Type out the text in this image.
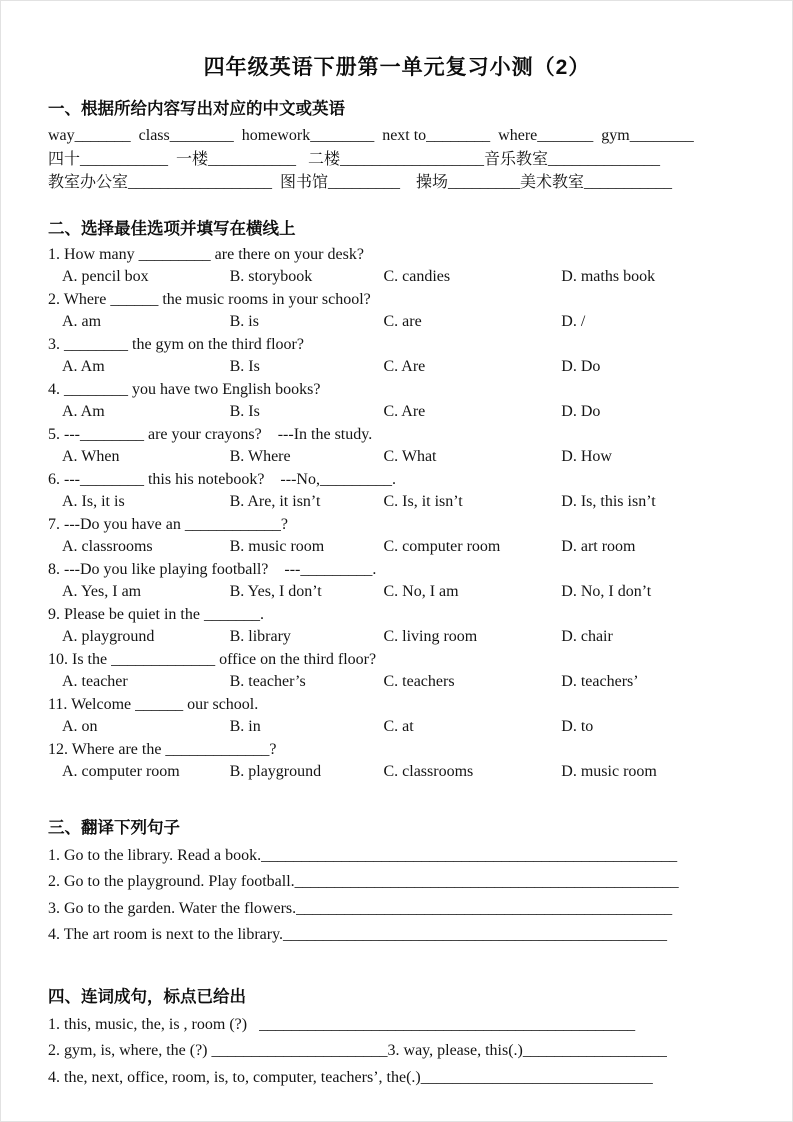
四年级英语下册第一单元复习小测（2）
一、根据所给内容写出对应的中文或英语

way_______  class________  homework________  next to________  where_______  gym________

四十___________  一楼___________   二楼__________________音乐教室______________

教室办公室__________________  图书馆_________    操场_________美术教室___________

二、选择最佳选项并填写在横线上

1. How many _________ are there on your desk?

A. pencil box	B. storybook	C. candies	D. maths book

2. Where ______ the music rooms in your school?

A. am	B. is	C. are	D. /

3. ________ the gym on the third floor?

A. Am	B. Is	C. Are	D. Do

4. ________ you have two English books?

A. Am	B. Is	C. Are	D. Do

5. ---________ are your crayons?    ---In the study.

A. When	B. Where	C. What	D. How

6. ---________ this his notebook?    ---No,_________.

A. Is, it is	B. Are, it isn’t	C. Is, it isn’t	D. Is, this isn’t

7. ---Do you have an ____________?

A. classrooms	B. music room	C. computer room	D. art room

8. ---Do you like playing football?    ---_________.

A. Yes, I am	B. Yes, I don’t	C. No, I am	D. No, I don’t

9. Please be quiet in the _______.

A. playground	B. library	C. living room	D. chair

10. Is the _____________ office on the third floor?

A. teacher	B. teacher’s	C. teachers	D. teachers’

11. Welcome ______ our school.

A. on	B. in	C. at	D. to

12. Where are the _____________?

A. computer room	B. playground	C. classrooms	D. music room
三、翻译下列句子

1. Go to the library. Read a book.____________________________________________________

2. Go to the playground. Play football.________________________________________________

3. Go to the garden. Water the flowers._______________________________________________

4. The art room is next to the library.________________________________________________

四、连词成句，标点已给出

1. this, music, the, is , room (?)   _______________________________________________

2. gym, is, where, the (?) ______________________3. way, please, this(.)__________________

4. the, next, office, room, is, to, computer, teachers’, the(.)_____________________________
